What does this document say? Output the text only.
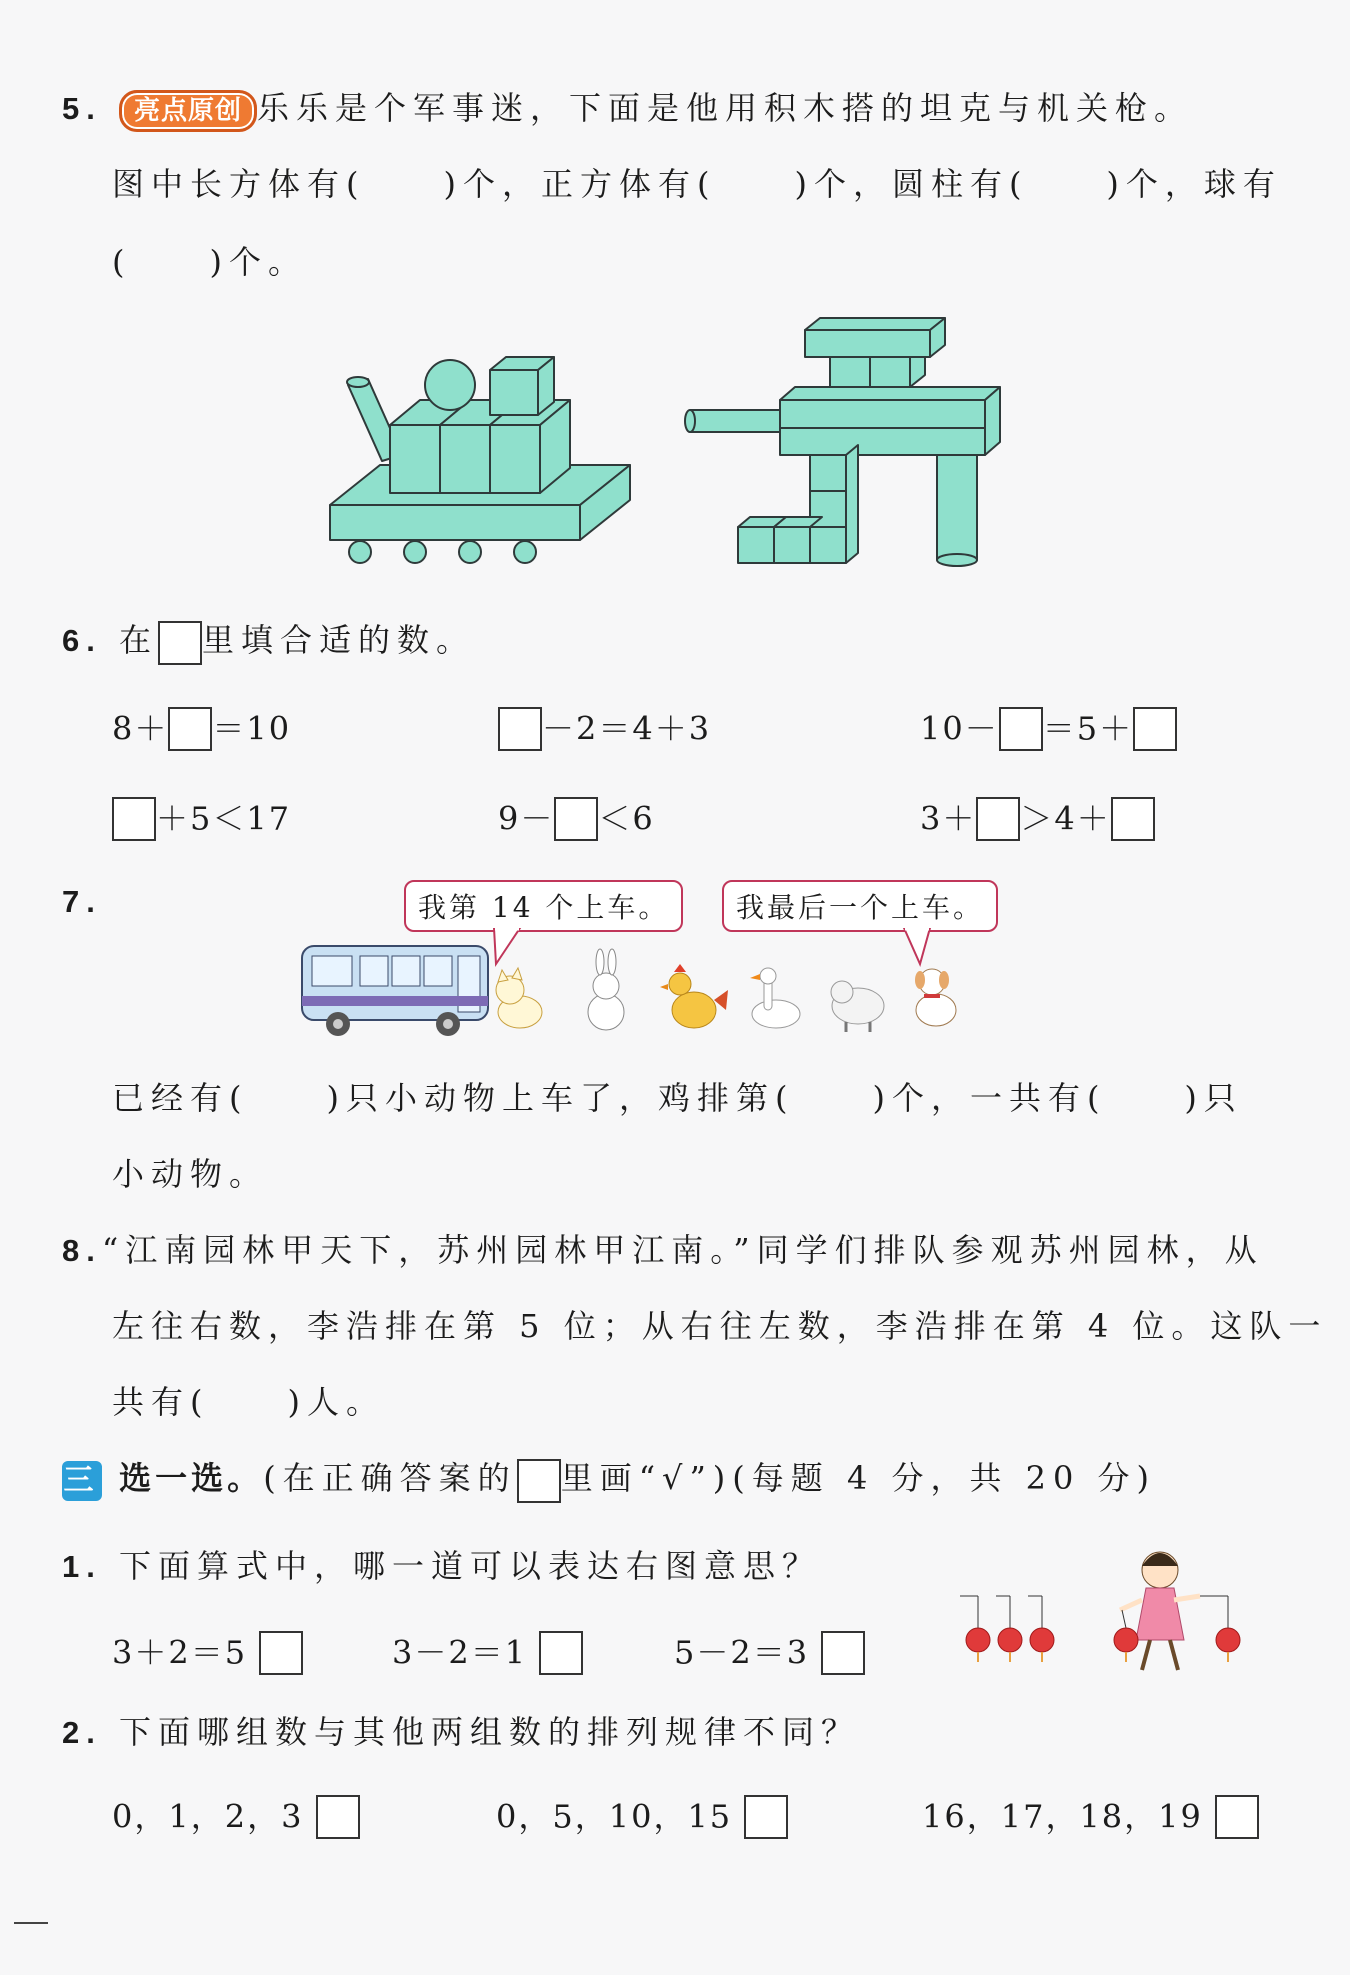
5. 亮点原创 乐乐是个军事迷，下面是他用积木搭的坦克与机关枪。
图中长方体有(　　)个，正方体有(　　)个，圆柱有(　　)个，球有
(　　)个。
6. 在 里填合适的数。
8＋ ＝10	－2＝4＋3	10－ ＝5＋
＋5＜17	9－ ＜6	3＋ ＞4＋
7.	我第 14 个上车。	我最后一个上车。
已经有(　　)只小动物上车了，鸡排第(　　)个，一共有(　　)只
小动物。
8.“江南园林甲天下，苏州园林甲江南。”同学们排队参观苏州园林，从
左往右数，李浩排在第 5 位；从右往左数，李浩排在第 4 位。这队一
共有(　　)人。
三 选一选。(在正确答案的 里画“√”)(每题 4 分，共 20 分)
1. 下面算式中，哪一道可以表达右图意思？
3＋2＝5	3－2＝1	5－2＝3
2. 下面哪组数与其他两组数的排列规律不同？
0，1，2，3	0，5，10，15	16，17，18，19
